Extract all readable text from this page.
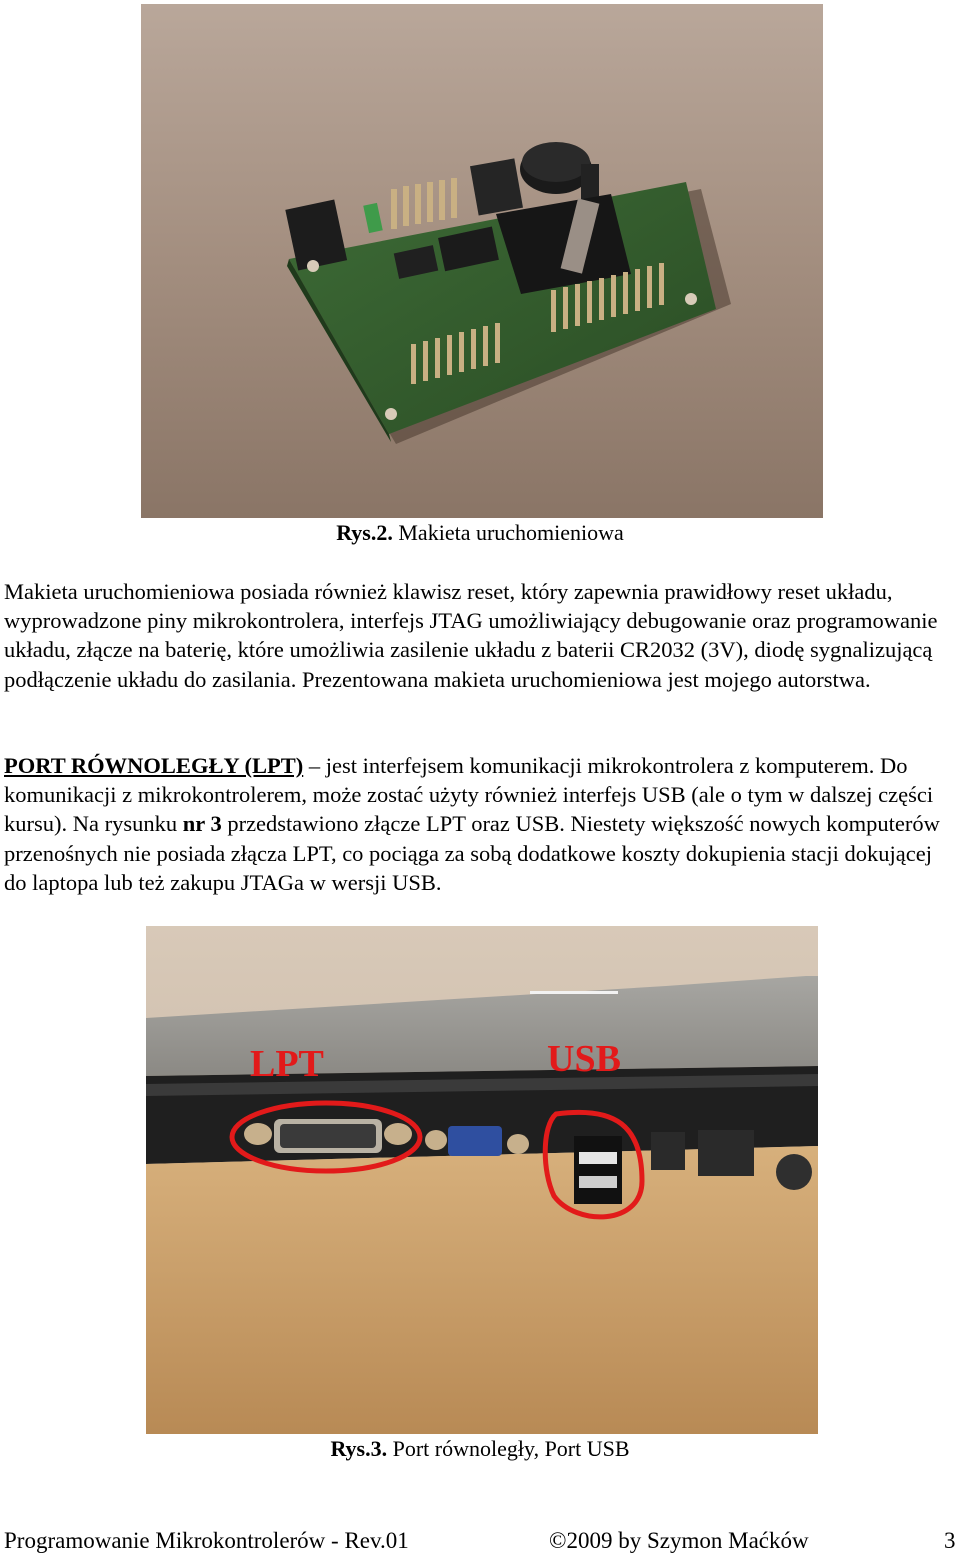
Rys.2. Makieta uruchomieniowa

Makieta uruchomieniowa posiada również klawisz reset, który zapewnia prawidłowy reset układu, wyprowadzone piny mikrokontrolera, interfejs JTAG umożliwiający debugowanie oraz programowanie układu, złącze na baterię, które umożliwia zasilenie układu z baterii CR2032 (3V), diodę sygnalizującą podłączenie układu do zasilania. Prezentowana makieta uruchomieniowa jest mojego autorstwa.

PORT RÓWNOLEGŁY (LPT) – jest interfejsem komunikacji mikrokontrolera z komputerem. Do komunikacji z mikrokontrolerem, może zostać użyty również interfejs USB (ale o tym w dalszej części kursu). Na rysunku nr 3 przedstawiono złącze LPT oraz USB. Niestety większość nowych komputerów przenośnych nie posiada złącza LPT, co pociąga za sobą dodatkowe koszty dokupienia stacji dokującej do laptopa lub też zakupu JTAGa w wersji USB.

LPT	USB
Rys.3. Port równoległy, Port USB
Programowanie Mikrokontrolerów - Rev.01	©2009 by Szymon Maćków	3
